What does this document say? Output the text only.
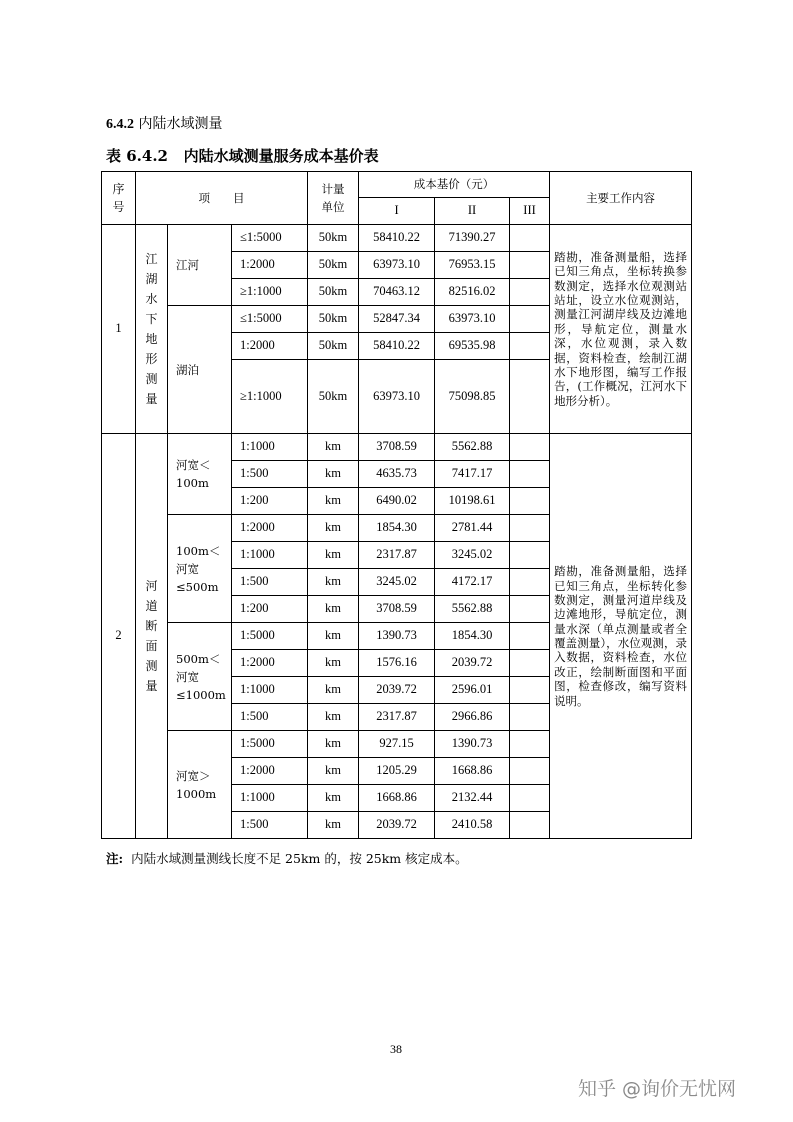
6.4.2 内陆水域测量
表 6.4.2 内陆水域测量服务成本基价表
序号	项　　目			计量单位	成本基价（元）			主要工作内容
					I	II	III	
1	江湖水下地形测量	江河	≤1:5000	50km	58410.22	71390.27		踏勘，准备测量船，选择已知三角点，坐标转换参数测定，选择水位观测站站址，设立水位观测站，测量江河湖岸线及边滩地形，导航定位，测量水深，水位观测，录入数据，资料检查，绘制江湖水下地形图，编写工作报告，(工作概况，江河水下地形分析）。
			1:2000	50km	63973.10	76953.15		
			≥1:1000	50km	70463.12	82516.02		
		湖泊	≤1:5000	50km	52847.34	63973.10		
			1:2000	50km	58410.22	69535.98		
			≥1:1000	50km	63973.10	75098.85		
2	河道断面测量	河宽＜100m	1:1000	km	3708.59	5562.88		踏勘，准备测量船，选择已知三角点，坐标转化参数测定，测量河道岸线及边滩地形，导航定位，测量水深（单点测量或者全覆盖测量），水位观测，录入数据，资料检查，水位改正，绘制断面图和平面图，检查修改，编写资料说明。
			1:500	km	4635.73	7417.17		
			1:200	km	6490.02	10198.61		
		100m＜河宽≤500m	1:2000	km	1854.30	2781.44		
			1:1000	km	2317.87	3245.02		
			1:500	km	3245.02	4172.17		
			1:200	km	3708.59	5562.88		
		500m＜河宽≤1000m	1:5000	km	1390.73	1854.30		
			1:2000	km	1576.16	2039.72		
			1:1000	km	2039.72	2596.01		
			1:500	km	2317.87	2966.86		
		河宽＞1000m	1:5000	km	927.15	1390.73		
			1:2000	km	1205.29	1668.86		
			1:1000	km	1668.86	2132.44		
			1:500	km	2039.72	2410.58		
注: 内陆水域测量测线长度不足 25km 的，按 25km 核定成本。
38
知乎 @询价无忧网
